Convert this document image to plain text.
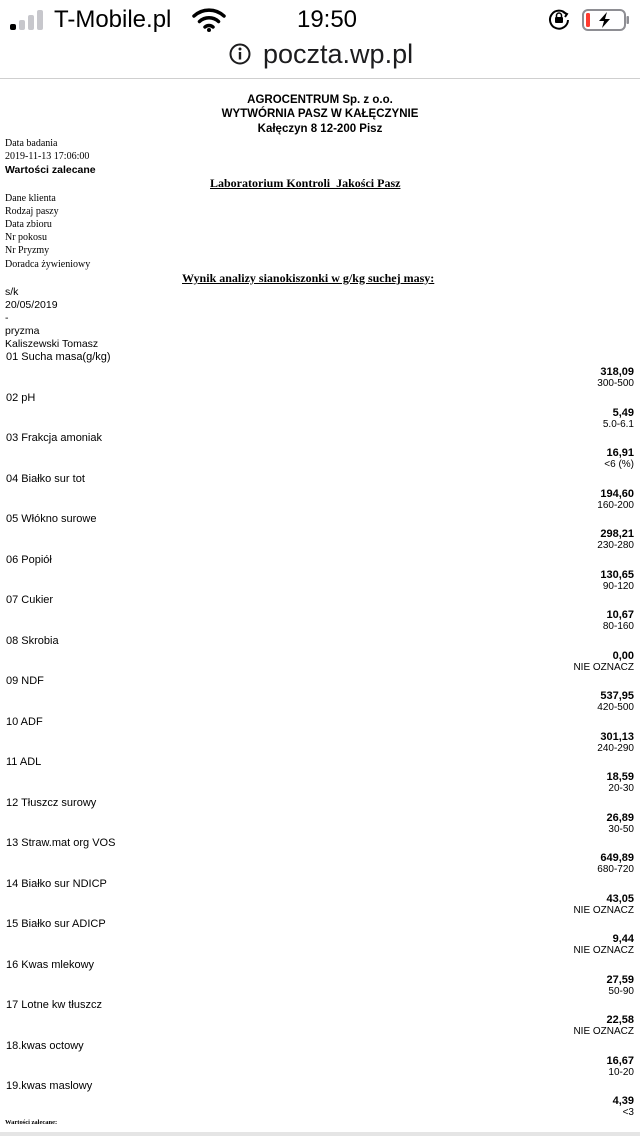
T-Mobile.pl	19:50
poczta.wp.pl
AGROCENTRUM Sp. z o.o.
WYTWÓRNIA PASZ W KAŁĘCZYNIE
Kałęczyn 8 12-200 Pisz
Data badania
2019-11-13 17:06:00
Wartości zalecane
Laboratorium Kontroli  Jakości Pasz
Dane klienta
Rodzaj paszy
Data zbioru
Nr pokosu
Nr Pryzmy
Doradca żywieniowy
Wynik analizy sianokiszonki w g/kg suchej masy:
s/k
20/05/2019
-
pryzma
Kaliszewski Tomasz
01 Sucha masa(g/kg)
318,09
300-500
02 pH
5,49
5.0-6.1
03 Frakcja amoniak
16,91
<6 (%)
04 Białko sur tot
194,60
160-200
05 Włókno surowe
298,21
230-280
06 Popiół
130,65
90-120
07 Cukier
10,67
80-160
08 Skrobia
0,00
NIE OZNACZ
09 NDF
537,95
420-500
10 ADF
301,13
240-290
11 ADL
18,59
20-30
12 Tłuszcz surowy
26,89
30-50
13 Straw.mat org VOS
649,89
680-720
14 Białko sur NDICP
43,05
NIE OZNACZ
15 Białko sur ADICP
9,44
NIE OZNACZ
16 Kwas mlekowy
27,59
50-90
17 Lotne kw tłuszcz
22,58
NIE OZNACZ
18.kwas octowy
16,67
10-20
19.kwas maslowy
4,39
<3
Wartości zalecane:
